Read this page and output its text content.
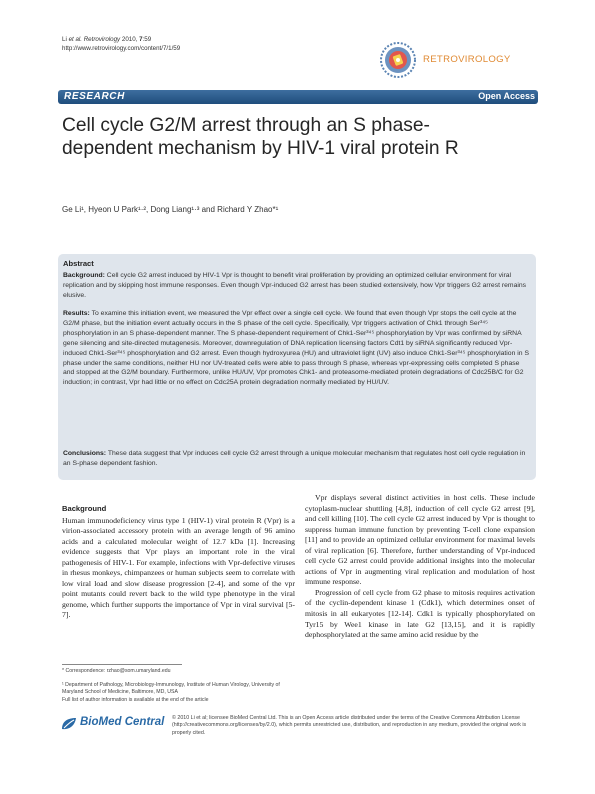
Li et al. Retrovirology 2010, 7:59
http://www.retrovirology.com/content/7/1/59
RETROVIROLOGY
RESEARCH	Open Access
Cell cycle G2/M arrest through an S phase-dependent mechanism by HIV-1 viral protein R
Ge Li¹, Hyeon U Park¹·², Dong Liang¹·³ and Richard Y Zhao*¹
Abstract
Background: Cell cycle G2 arrest induced by HIV-1 Vpr is thought to benefit viral proliferation by providing an optimized cellular environment for viral replication and by skipping host immune responses. Even though Vpr-induced G2 arrest has been studied extensively, how Vpr triggers G2 arrest remains elusive.
Results: To examine this initiation event, we measured the Vpr effect over a single cell cycle. We found that even though Vpr stops the cell cycle at the G2/M phase, but the initiation event actually occurs in the S phase of the cell cycle. Specifically, Vpr triggers activation of Chk1 through Ser³⁴⁵ phosphorylation in an S phase-dependent manner. The S phase-dependent requirement of Chk1-Ser³⁴⁵ phosphorylation by Vpr was confirmed by siRNA gene silencing and site-directed mutagenesis. Moreover, downregulation of DNA replication licensing factors Cdt1 by siRNA significantly reduced Vpr-induced Chk1-Ser³⁴⁵ phosphorylation and G2 arrest. Even though hydroxyurea (HU) and ultraviolet light (UV) also induce Chk1-Ser³⁴⁵ phosphorylation in S phase under the same conditions, neither HU nor UV-treated cells were able to pass through S phase, whereas vpr-expressing cells completed S phase and stopped at the G2/M boundary. Furthermore, unlike HU/UV, Vpr promotes Chk1- and proteasome-mediated protein degradations of Cdc25B/C for G2 induction; in contrast, Vpr had little or no effect on Cdc25A protein degradation normally mediated by HU/UV.
Conclusions: These data suggest that Vpr induces cell cycle G2 arrest through a unique molecular mechanism that regulates host cell cycle regulation in an S-phase dependent fashion.
Background

Human immunodeficiency virus type 1 (HIV-1) viral protein R (Vpr) is a virion-associated accessory protein with an average length of 96 amino acids and a calculated molecular weight of 12.7 kDa [1]. Increasing evidence suggests that Vpr plays an important role in the viral pathogenesis of HIV-1. For example, infections with Vpr-defective viruses in rhesus monkeys, chimpanzees or human subjects seem to correlate with low viral load and slow disease progression [2-4], and some of the vpr point mutants could revert back to the wild type phenotype in the viral genome, which further supports the importance of Vpr in viral survival [5-7].

Vpr displays several distinct activities in host cells. These include cytoplasm-nuclear shuttling [4,8], induction of cell cycle G2 arrest [9], and cell killing [10]. The cell cycle G2 arrest induced by Vpr is thought to suppress human immune function by preventing T-cell clone expansion [11] and to provide an optimized cellular environment for maximal levels of viral replication [6]. Therefore, further understanding of Vpr-induced cell cycle G2 arrest could provide additional insights into the molecular actions of Vpr in augmenting viral replication and modulation of host immune response.

Progression of cell cycle from G2 phase to mitosis requires activation of the cyclin-dependent kinase 1 (Cdk1), which determines onset of mitosis in all eukaryotes [12-14]. Cdk1 is typically phosphorylated on Tyr15 by Wee1 kinase in late G2 [13,15], and it is rapidly dephosphorylated at the same amino acid residue by the

* Correspondence: rzhao@som.umaryland.edu
¹ Department of Pathology, Microbiology-Immunology, Institute of Human Virology, University of Maryland School of Medicine, Baltimore, MD, USA
Full list of author information is available at the end of the article
BioMed Central © 2010 Li et al; licensee BioMed Central Ltd. This is an Open Access article distributed under the terms of the Creative Commons Attribution License (http://creativecommons.org/licenses/by/2.0), which permits unrestricted use, distribution, and reproduction in any medium, provided the original work is properly cited.
